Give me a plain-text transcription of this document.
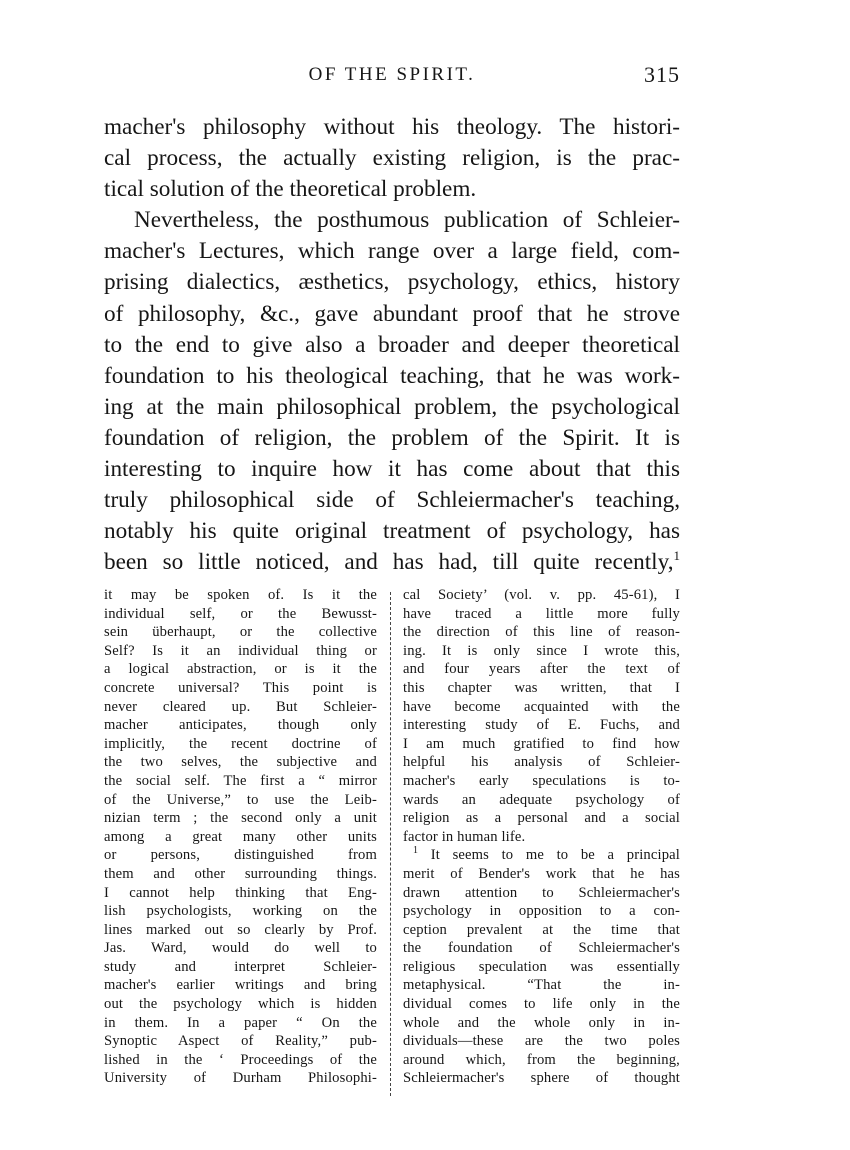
OF THE SPIRIT.	315
macher's philosophy without his theology. The histori-
cal process, the actually existing religion, is the prac-
tical solution of the theoretical problem.
Nevertheless, the posthumous publication of Schleier-
macher's Lectures, which range over a large field, com-
prising dialectics, æsthetics, psychology, ethics, history
of philosophy, &c., gave abundant proof that he strove
to the end to give also a broader and deeper theoretical
foundation to his theological teaching, that he was work-
ing at the main philosophical problem, the psychological
foundation of religion, the problem of the Spirit. It is
interesting to inquire how it has come about that this
truly philosophical side of Schleiermacher's teaching,
notably his quite original treatment of psychology, has
been so little noticed, and has had, till quite recently,$^1$
it may be spoken of. Is it the
individual self, or the Bewusst-
sein überhaupt, or the collective
Self? Is it an individual thing or
a logical abstraction, or is it the
concrete universal? This point is
never cleared up. But Schleier-
macher anticipates, though only
implicitly, the recent doctrine of
the two selves, the subjective and
the social self. The first a “ mirror
of the Universe,” to use the Leib-
nizian term ; the second only a unit
among a great many other units
or persons, distinguished from
them and other surrounding things.
I cannot help thinking that Eng-
lish psychologists, working on the
lines marked out so clearly by Prof.
Jas. Ward, would do well to
study and interpret Schleier-
macher's earlier writings and bring
out the psychology which is hidden
in them. In a paper “ On the
Synoptic Aspect of Reality,” pub-
lished in the ‘ Proceedings of the
University of Durham Philosophi-
cal Society’ (vol. v. pp. 45-61), I
have traced a little more fully
the direction of this line of reason-
ing. It is only since I wrote this,
and four years after the text of
this chapter was written, that I
have become acquainted with the
interesting study of E. Fuchs, and
I am much gratified to find how
helpful his analysis of Schleier-
macher's early speculations is to-
wards an adequate psychology of
religion as a personal and a social
factor in human life.
$^1$ It seems to me to be a principal
merit of Bender's work that he has
drawn attention to Schleiermacher's
psychology in opposition to a con-
ception prevalent at the time that
the foundation of Schleiermacher's
religious speculation was essentially
metaphysical. “That the in-
dividual comes to life only in the
whole and the whole only in in-
dividuals—these are the two poles
around which, from the beginning,
Schleiermacher's sphere of thought
